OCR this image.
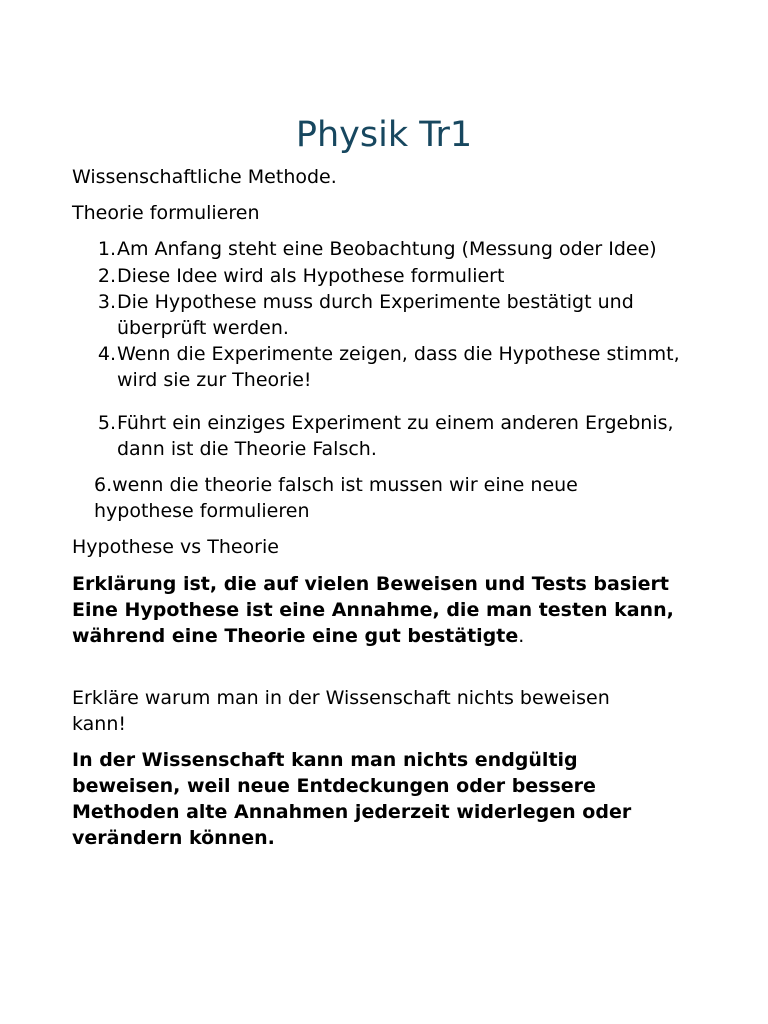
Physik Tr1
Wissenschaftliche Methode.
Theorie formulieren
1. Am Anfang steht eine Beobachtung (Messung oder Idee)
2. Diese Idee wird als Hypothese formuliert
3. Die Hypothese muss durch Experimente bestätigt und überprüft werden.
4. Wenn die Experimente zeigen, dass die Hypothese stimmt, wird sie zur Theorie!
5. Führt ein einziges Experiment zu einem anderen Ergebnis, dann ist die Theorie Falsch.
6.wenn die theorie falsch ist mussen wir eine neue hypothese formulieren
Hypothese vs Theorie
Erklärung ist, die auf vielen Beweisen und Tests basiert Eine Hypothese ist eine Annahme, die man testen kann, während eine Theorie eine gut bestätigte.
Erkläre warum man in der Wissenschaft nichts beweisen kann!
In der Wissenschaft kann man nichts endgültig beweisen, weil neue Entdeckungen oder bessere Methoden alte Annahmen jederzeit widerlegen oder verändern können.
